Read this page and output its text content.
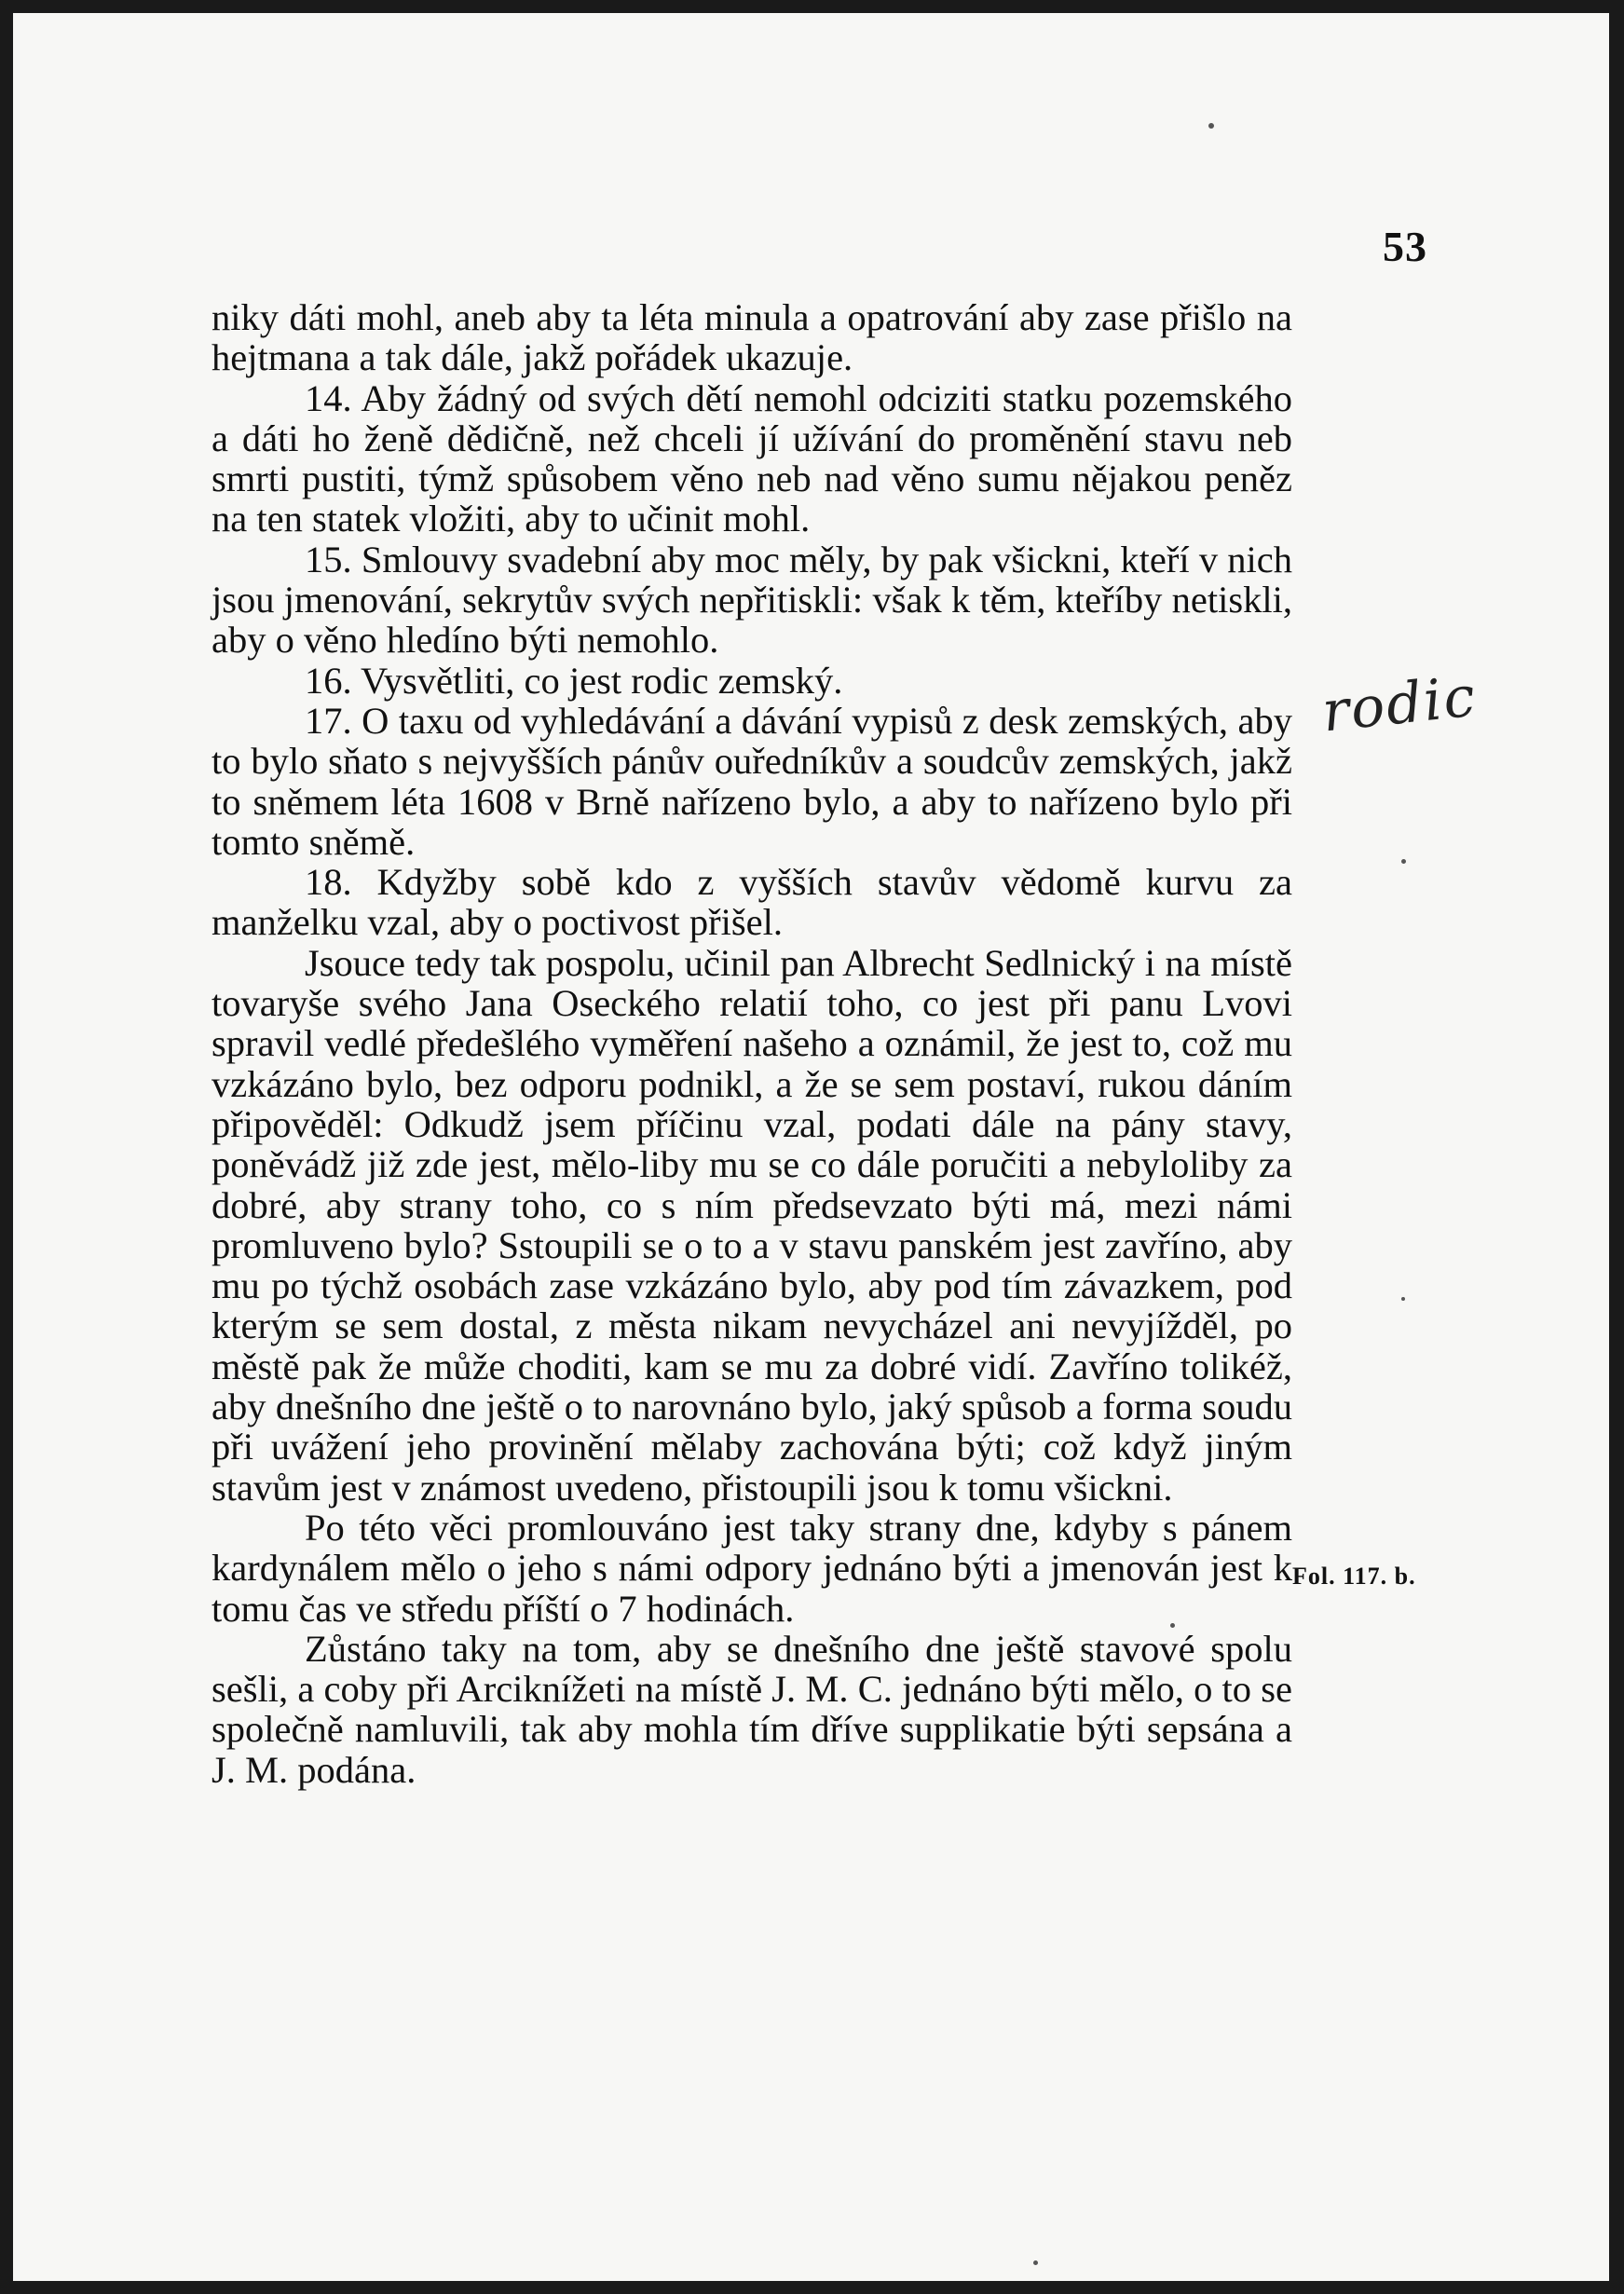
53

niky dáti mohl, aneb aby ta léta minula a opatrování aby zase přišlo na hejtmana a tak dále, jakž pořádek ukazuje.

14. Aby žádný od svých dětí nemohl odciziti statku pozemského a dáti ho ženě dědičně, než chceli jí užívání do proměnění stavu neb smrti pustiti, týmž spůsobem věno neb nad věno sumu nějakou peněz na ten statek vložiti, aby to učinit mohl.

15. Smlouvy svadební aby moc měly, by pak všickni, kteří v nich jsou jmenování, sekrytův svých nepřitiskli: však k těm, kteříby netiskli, aby o věno hledíno býti nemohlo.

16. Vysvětliti, co jest rodic zemský.

17. O taxu od vyhledávání a dávání vypisů z desk zemských, aby to bylo sňato s nejvyšších pánův ouředníkův a soudcův zemských, jakž to sněmem léta 1608 v Brně nařízeno bylo, a aby to nařízeno bylo při tomto sněmě.

18. Kdyžby sobě kdo z vyšších stavův vědomě kurvu za manželku vzal, aby o poctivost přišel.

Jsouce tedy tak pospolu, učinil pan Albrecht Sedlnický i na místě tovaryše svého Jana Oseckého relatií toho, co jest při panu Lvovi spravil vedlé předešlého vyměření našeho a oznámil, že jest to, což mu vzkázáno bylo, bez odporu podnikl, a že se sem postaví, rukou dáním připověděl: Odkudž jsem příčinu vzal, podati dále na pány stavy, poněvádž již zde jest, mělo-liby mu se co dále poručiti a nebyloliby za dobré, aby strany toho, co s ním předsevzato býti má, mezi námi promluveno bylo? Sstoupili se o to a v stavu panském jest zavříno, aby mu po týchž osobách zase vzkázáno bylo, aby pod tím závazkem, pod kterým se sem dostal, z města nikam nevycházel ani nevyjížděl, po městě pak že může choditi, kam se mu za dobré vidí. Zavříno tolikéž, aby dnešního dne ještě o to narovnáno bylo, jaký spůsob a forma soudu při uvážení jeho provinění mělaby zachována býti; což když jiným stavům jest v známost uvedeno, přistoupili jsou k tomu všickni.

Po této věci promlouváno jest taky strany dne, kdyby s pánem kardynálem mělo o jeho s námi odpory jednáno býti a jmenován jest k tomu čas ve středu příští o 7 hodinách.

Zůstáno taky na tom, aby se dnešního dne ještě stavové spolu sešli, a coby při Arciknížeti na místě J. M. C. jednáno býti mělo, o to se společně namluvili, tak aby mohla tím dříve supplikatie býti sepsána a J. M. podána.

rodic
Fol. 117. b.
